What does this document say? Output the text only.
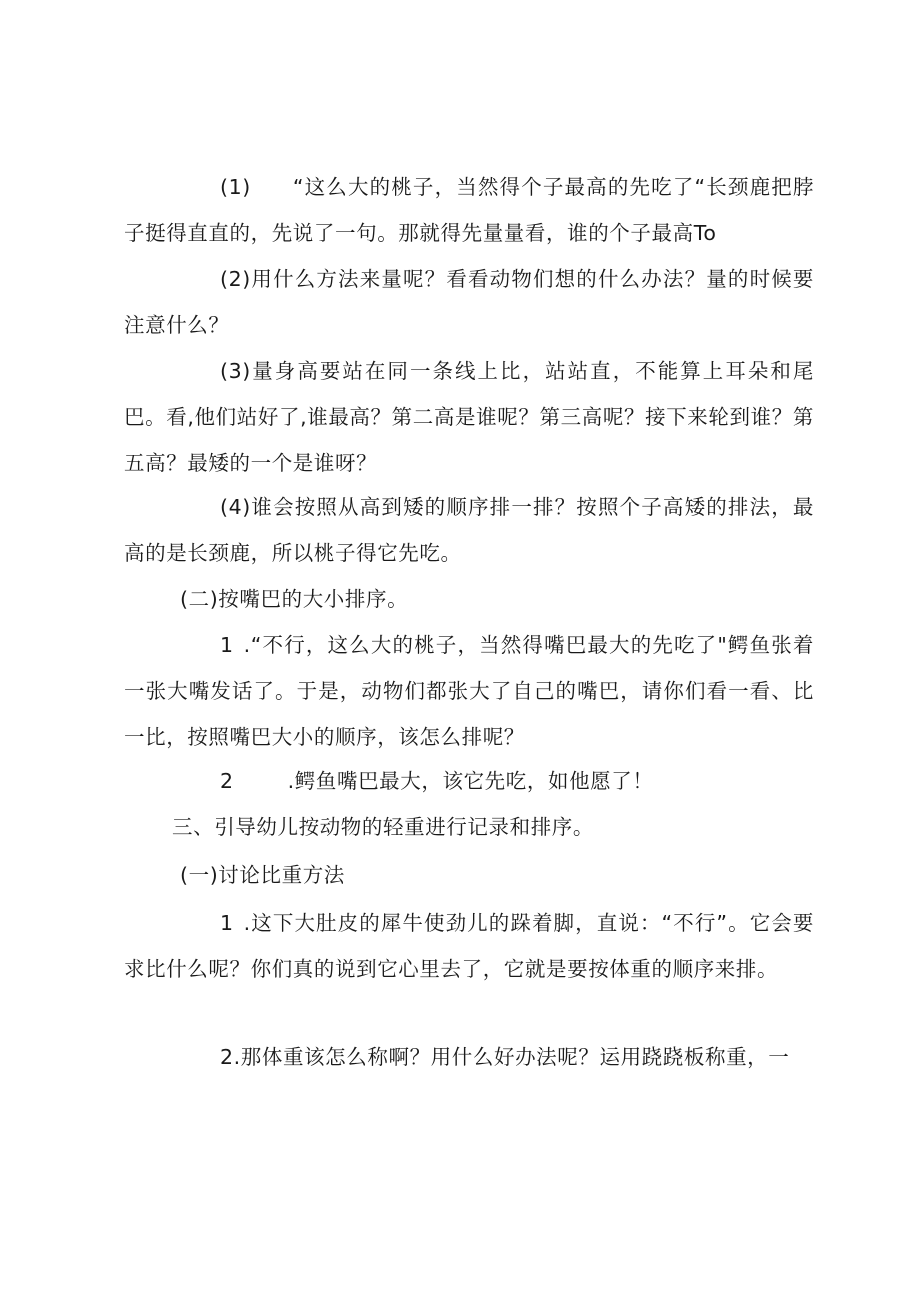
(1) “这么大的桃子，当然得个子最高的先吃了“长颈鹿把脖子挺得直直的，先说了一句。那就得先量量看，谁的个子最高To

(2)用什么方法来量呢？看看动物们想的什么办法？量的时候要注意什么？

(3)量身高要站在同一条线上比，站站直，不能算上耳朵和尾巴。看,他们站好了,谁最高？第二高是谁呢？第三高呢？接下来轮到谁？第五高？最矮的一个是谁呀？

(4)谁会按照从高到矮的顺序排一排？按照个子高矮的排法，最高的是长颈鹿，所以桃子得它先吃。

(二)按嘴巴的大小排序。

1 .“不行，这么大的桃子，当然得嘴巴最大的先吃了"鳄鱼张着一张大嘴发话了。于是，动物们都张大了自己的嘴巴，请你们看一看、比一比，按照嘴巴大小的顺序，该怎么排呢？

2	.鳄鱼嘴巴最大，该它先吃，如他愿了！

三、引导幼儿按动物的轻重进行记录和排序。

(一)讨论比重方法

1 .这下大肚皮的犀牛使劲儿的跺着脚，直说：“不行”。它会要求比什么呢？你们真的说到它心里去了，它就是要按体重的顺序来排。

2.那体重该怎么称啊？用什么好办法呢？运用跷跷板称重，一
